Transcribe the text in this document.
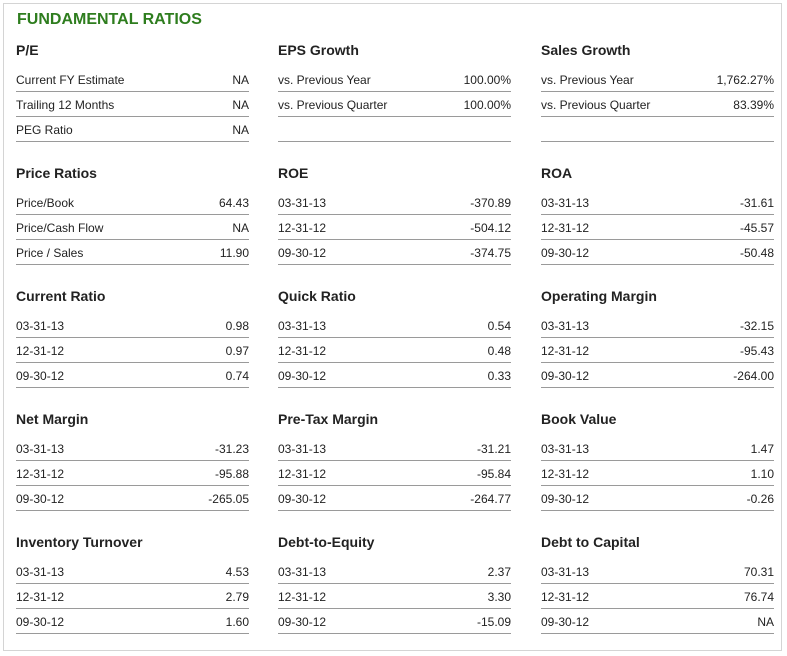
FUNDAMENTAL RATIOS
P/E
Current FY Estimate	NA
Trailing 12 Months	NA
PEG Ratio	NA
EPS Growth
vs. Previous Year	100.00%
vs. Previous Quarter	100.00%
Sales Growth
vs. Previous Year	1,762.27%
vs. Previous Quarter	83.39%
Price Ratios
Price/Book	64.43
Price/Cash Flow	NA
Price / Sales	11.90
ROE
03-31-13	-370.89
12-31-12	-504.12
09-30-12	-374.75
ROA
03-31-13	-31.61
12-31-12	-45.57
09-30-12	-50.48
Current Ratio
03-31-13	0.98
12-31-12	0.97
09-30-12	0.74
Quick Ratio
03-31-13	0.54
12-31-12	0.48
09-30-12	0.33
Operating Margin
03-31-13	-32.15
12-31-12	-95.43
09-30-12	-264.00
Net Margin
03-31-13	-31.23
12-31-12	-95.88
09-30-12	-265.05
Pre-Tax Margin
03-31-13	-31.21
12-31-12	-95.84
09-30-12	-264.77
Book Value
03-31-13	1.47
12-31-12	1.10
09-30-12	-0.26
Inventory Turnover
03-31-13	4.53
12-31-12	2.79
09-30-12	1.60
Debt-to-Equity
03-31-13	2.37
12-31-12	3.30
09-30-12	-15.09
Debt to Capital
03-31-13	70.31
12-31-12	76.74
09-30-12	NA
